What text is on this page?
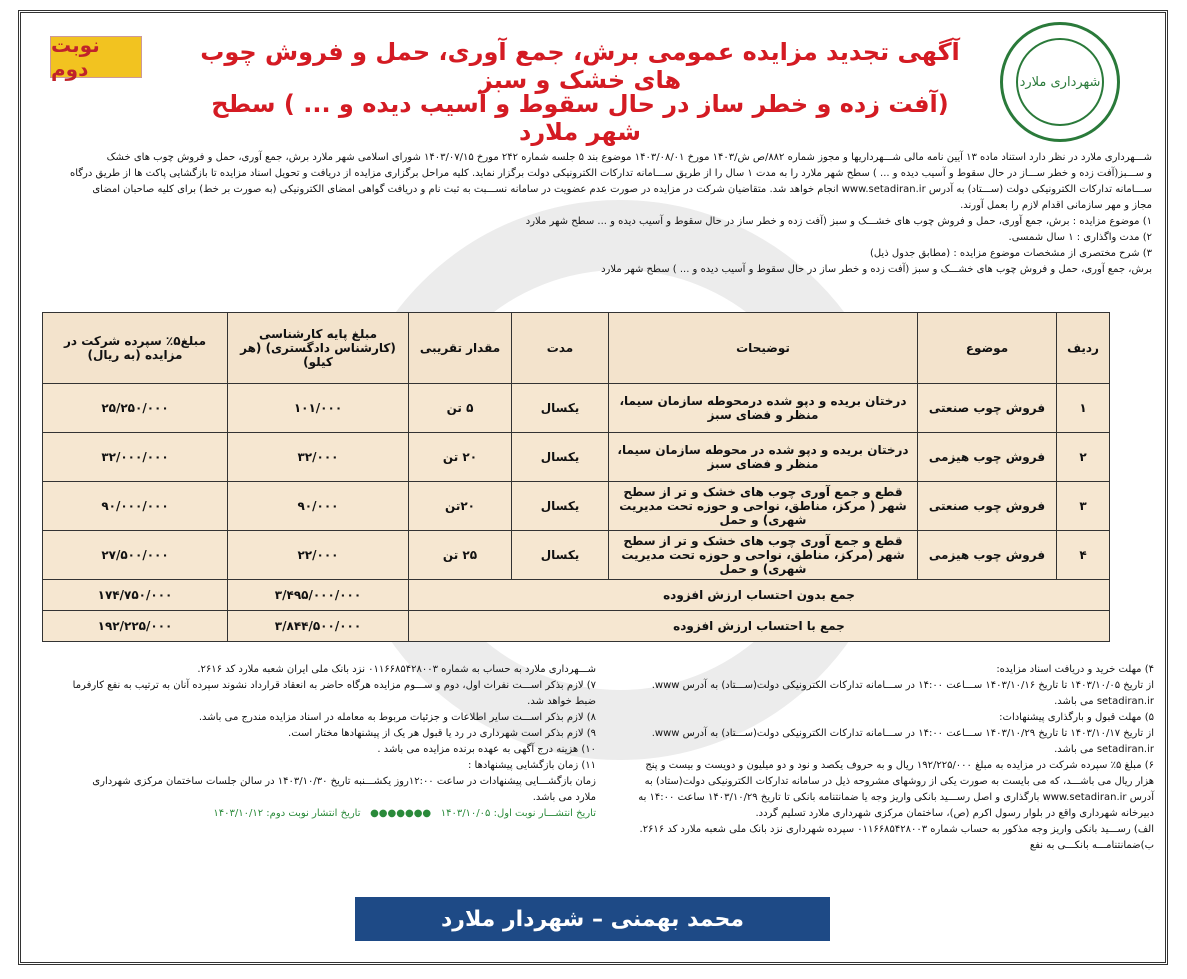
شهرداری ملارد
نوبت دوم
آگهی تجدید مزایده عمومی برش، جمع آوری، حمل و فروش چوب های خشک و سبز
(آفت زده و خطر ساز در حال سقوط و آسیب دیده و ... ) سطح شهر ملارد

شـــهرداری ملارد در نظر دارد استناد ماده ۱۳ آیین نامه مالی شـــهرداریها و مجوز شماره ۸۸۲/ص ش/۱۴۰۳ مورخ ۱۴۰۳/۰۸/۰۱ موضوع بند ۵ جلسه شماره ۲۴۲ مورخ ۱۴۰۳/۰۷/۱۵ شورای اسلامی شهر ملارد برش، جمع آوری، حمل و فروش چوب های خشک

و ســـبز(آفت زده و خطر ســـاز در حال سقوط و آسیب دیده و ... ) سطح شهر ملارد را به مدت ۱ سال را از طریق ســـامانه تدارکات الکترونیکی دولت برگزار نماید. کلیه مراحل برگزاری مزایده از دریافت و تحویل اسناد مزایده تا بازگشایی پاکت ها از طریق درگاه

ســـامانه تدارکات الکترونیکی دولت (ســـتاد) به آدرس www.setadiran.ir انجام خواهد شد. متقاضیان شرکت در مزایده در صورت عدم عضویت در سامانه نســـبت به ثبت نام و دریافت گواهی امضای الکترونیکی (به صورت بر خط) برای کلیه صاحبان امضای

مجاز و مهر سازمانی اقدام لازم را بعمل آورند.

۱) موضوع مزایده : برش، جمع آوری، حمل و فروش چوب های خشـــک و سبز (آفت زده و خطر ساز در حال سقوط و آسیب دیده و ... سطح شهر ملارد

۲) مدت واگذاری : ۱ سال شمسی.

۳) شرح مختصری از مشخصات موضوع مزایده : (مطابق جدول ذیل)

برش، جمع آوری، حمل و فروش چوب های خشـــک و سبز (آفت زده و خطر ساز در حال سقوط و آسیب دیده و ... ) سطح شهر ملارد

ردیف	موضوع	توضیحات	مدت	مقدار تقریبی	مبلغ پایه کارشناسی (کارشناس دادگستری) (هر کیلو)	مبلغ۵٪ سپرده شرکت در مزایده (به ریال)
۱	فروش چوب صنعتی	درختان بریده و دپو شده درمحوطه سازمان سیما، منظر و فضای سبز	یکسال	۵ تن	۱۰۱/۰۰۰	۲۵/۲۵۰/۰۰۰
۲	فروش چوب هیزمی	درختان بریده و دپو شده در محوطه سازمان سیما، منظر و فضای سبز	یکسال	۲۰ تن	۳۲/۰۰۰	۳۲/۰۰۰/۰۰۰
۳	فروش چوب صنعتی	قطع و جمع آوری چوب های خشک و تر از سطح شهر ( مرکز، مناطق، نواحی و حوزه تحت مدیریت شهری) و حمل	یکسال	۲۰تن	۹۰/۰۰۰	۹۰/۰۰۰/۰۰۰
۴	فروش چوب هیزمی	قطع و جمع آوری چوب های خشک و تر از سطح شهر (مرکز، مناطق، نواحی و حوزه تحت مدیریت شهری) و حمل	یکسال	۲۵ تن	۲۲/۰۰۰	۲۷/۵۰۰/۰۰۰
جمع بدون احتساب ارزش افزوده					۳/۴۹۵/۰۰۰/۰۰۰	۱۷۴/۷۵۰/۰۰۰
جمع با احتساب ارزش افزوده					۳/۸۴۴/۵۰۰/۰۰۰	۱۹۲/۲۲۵/۰۰۰

۴) مهلت خرید و دریافت اسناد مزایده:

از تاریخ ۱۴۰۳/۱۰/۰۵ تا تاریخ ۱۴۰۳/۱۰/۱۶ ســـاعت ۱۴:۰۰ در ســـامانه تدارکات الکترونیکی دولت(ســـتاد) به آدرس www.

setadiran.ir می باشد.

۵) مهلت قبول و بارگذاری پیشنهادات:

از تاریخ ۱۴۰۳/۱۰/۱۷ تا تاریخ ۱۴۰۳/۱۰/۲۹ ســـاعت ۱۴:۰۰ در ســـامانه تدارکات الکترونیکی دولت(ســـتاد) به آدرس www.

setadiran.ir می باشد.

۶) مبلغ ۵٪ سپرده شرکت در مزایده به مبلغ ۱۹۲/۲۲۵/۰۰۰ ریال و به حروف یکصد و نود و دو میلیون و دویست و بیست و پنج

هزار ریال می باشـــد، که می بایست به صورت یکی از روشهای مشروحه ذیل در سامانه تدارکات الکترونیکی دولت(ستاد) به

آدرس www.setadiran.ir بارگذاری و اصل رســـید بانکی واریز وجه یا ضمانتنامه بانکی تا تاریخ ۱۴۰۳/۱۰/۲۹ ساعت ۱۴:۰۰ به

دبیرخانه شهرداری واقع در بلوار رسول اکرم (ص)، ساختمان مرکزی شهرداری ملارد تسلیم گردد.

الف) رســـید بانکی واریز وجه مذکور به حساب شماره ۰۱۱۶۶۸۵۴۲۸۰۰۳ سپرده شهرداری نزد بانک ملی شعبه ملارد کد ۲۶۱۶.

ب)ضمانتنامـــه بانکـــی به نفع

شـــهرداری ملارد به حساب به شماره ۰۱۱۶۶۸۵۴۲۸۰۰۳ نزد بانک ملی ایران شعبه ملارد کد ۲۶۱۶.

۷) لازم بذکر اســـت نفرات اول، دوم و ســـوم مزایده هرگاه حاضر به انعقاد قرارداد نشوند سپرده آنان به ترتیب به نفع کارفرما

ضبط خواهد شد.

۸) لازم بذکر اســـت سایر اطلاعات و جزئیات مربوط به معامله در اسناد مزایده مندرج می باشد.

۹) لازم بذکر است شهرداری در رد یا قبول هر یک از پیشنهادها مختار است.

۱۰) هزینه درج آگهی به عهده برنده مزایده می باشد .

۱۱) زمان بازگشایی پیشنهادها :

زمان بازگشـــایی پیشنهادات در ساعت ۱۲:۰۰روز یکشـــنبه تاریخ ۱۴۰۳/۱۰/۳۰ در سالن جلسات ساختمان مرکزی شهرداری

ملارد می باشد.

تاریخ انتشـــار نوبت اول: ۱۴۰۳/۱۰/۰۵   ●●●●●●●   تاریخ انتشار نوبت دوم: ۱۴۰۳/۱۰/۱۲

محمد بهمنی – شهردار ملارد
